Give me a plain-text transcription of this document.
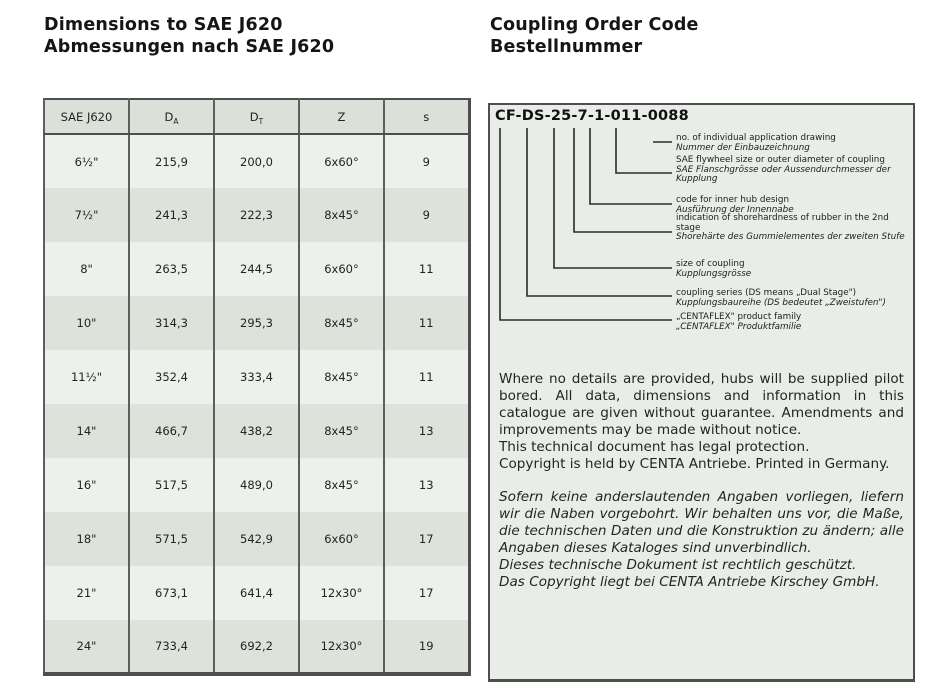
Dimensions to SAE J620
Abmessungen nach SAE J620
SAE J620	$D_A$	$D_T$	Z	s
6½"	215,9	200,0	6x60°	9
7½"	241,3	222,3	8x45°	9
8"	263,5	244,5	6x60°	11
10"	314,3	295,3	8x45°	11
11½"	352,4	333,4	8x45°	11
14"	466,7	438,2	8x45°	13
16"	517,5	489,0	8x45°	13
18"	571,5	542,9	6x60°	17
21"	673,1	641,4	12x30°	17
24"	733,4	692,2	12x30°	19
Coupling Order Code
Bestellnummer
CF-DS-25-7-1-011-0088
no. of individual application drawing
Nummer der Einbauzeichnung
SAE flywheel size or outer diameter of coupling
SAE Flanschgrösse oder Aussendurchmesser der Kupplung
code for inner hub design
Ausführung der Innennabe
indication of shorehardness of rubber in the 2nd stage
Shorehärte des Gummielementes der zweiten Stufe
size of coupling
Kupplungsgrösse
coupling series (DS means „Dual Stage")
Kupplungsbaureihe (DS bedeutet „Zweistufen")
„CENTAFLEX" product family
„CENTAFLEX" Produktfamilie

Where no details are provided, hubs will be supplied pilot bored. All data, dimensions and information in this catalogue are given without guarantee. Amendments and improvements may be made without notice.

This technical document has legal protection.

Copyright is held by CENTA Antriebe. Printed in Germany.

Sofern keine anderslautenden Angaben vorliegen, liefern wir die Naben vorgebohrt. Wir behalten uns vor, die Maße, die technischen Daten und die Konstruktion zu ändern; alle Angaben dieses Kataloges sind unverbindlich.

Dieses technische Dokument ist rechtlich geschützt.

Das Copyright liegt bei CENTA Antriebe Kirschey GmbH.
